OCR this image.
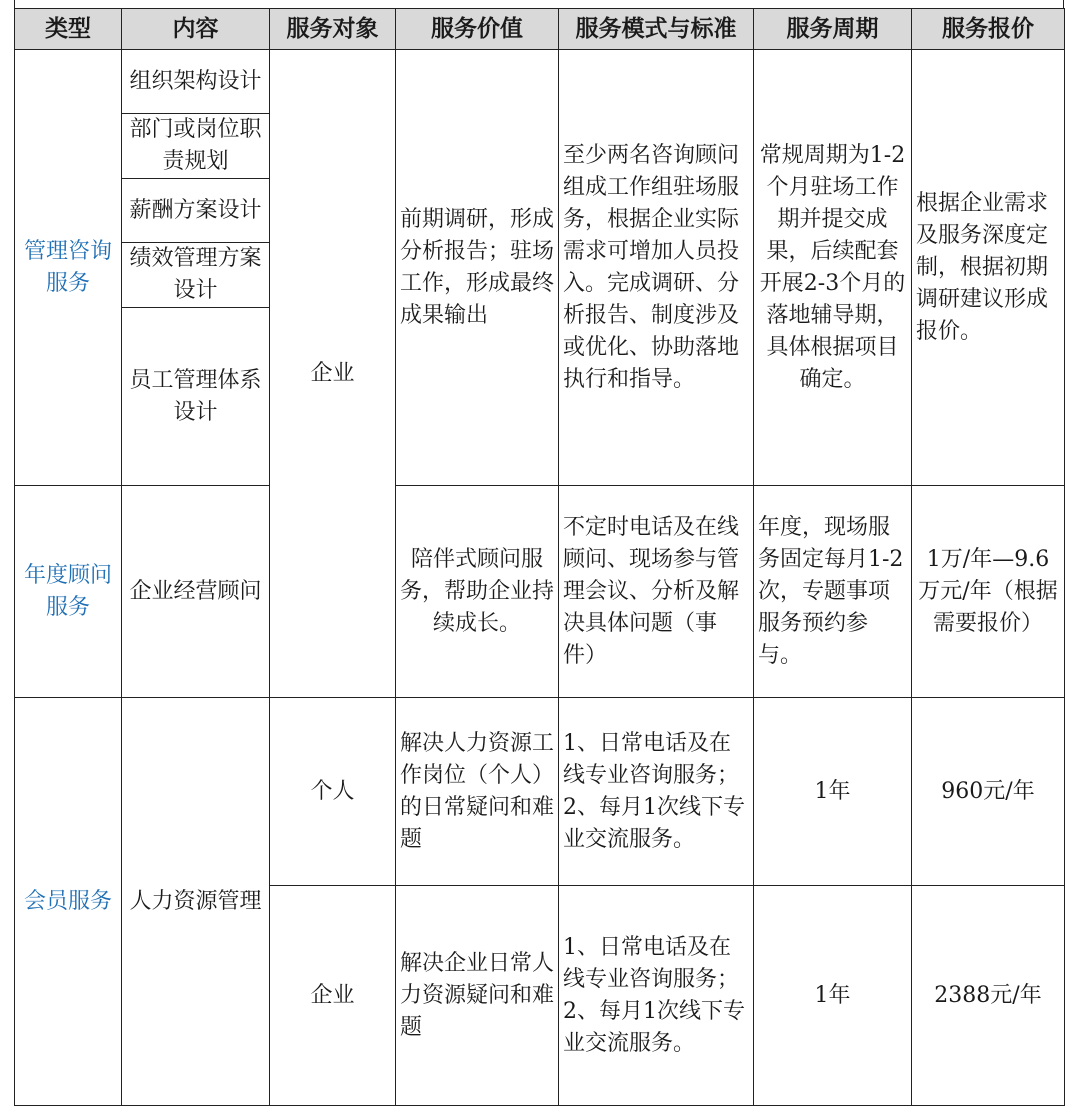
类型	内容	服务对象	服务价值	服务模式与标准	服务周期	服务报价
管理咨询服务	组织架构设计	企业	前期调研，形成分析报告；驻场工作，形成最终成果输出	至少两名咨询顾问组成工作组驻场服务，根据企业实际需求可增加人员投入。完成调研、分析报告、制度涉及或优化、协助落地执行和指导。	常规周期为1-2个月驻场工作期并提交成果，后续配套开展2-3个月的落地辅导期，具体根据项目确定。	根据企业需求及服务深度定制，根据初期调研建议形成报价。
	部门或岗位职责规划					
	薪酬方案设计					
	绩效管理方案设计					
	员工管理体系设计					
年度顾问服务	企业经营顾问		陪伴式顾问服务，帮助企业持续成长。	不定时电话及在线顾问、现场参与管理会议、分析及解决具体问题（事件）	年度，现场服务固定每月1-2次，专题事项服务预约参与。	1万/年—9.6万元/年（根据需要报价）
会员服务	人力资源管理	个人	解决人力资源工作岗位（个人）的日常疑问和难题	1、日常电话及在线专业咨询服务；2、每月1次线下专业交流服务。	1年	960元/年
		企业	解决企业日常人力资源疑问和难题	1、日常电话及在线专业咨询服务；2、每月1次线下专业交流服务。	1年	2388元/年
